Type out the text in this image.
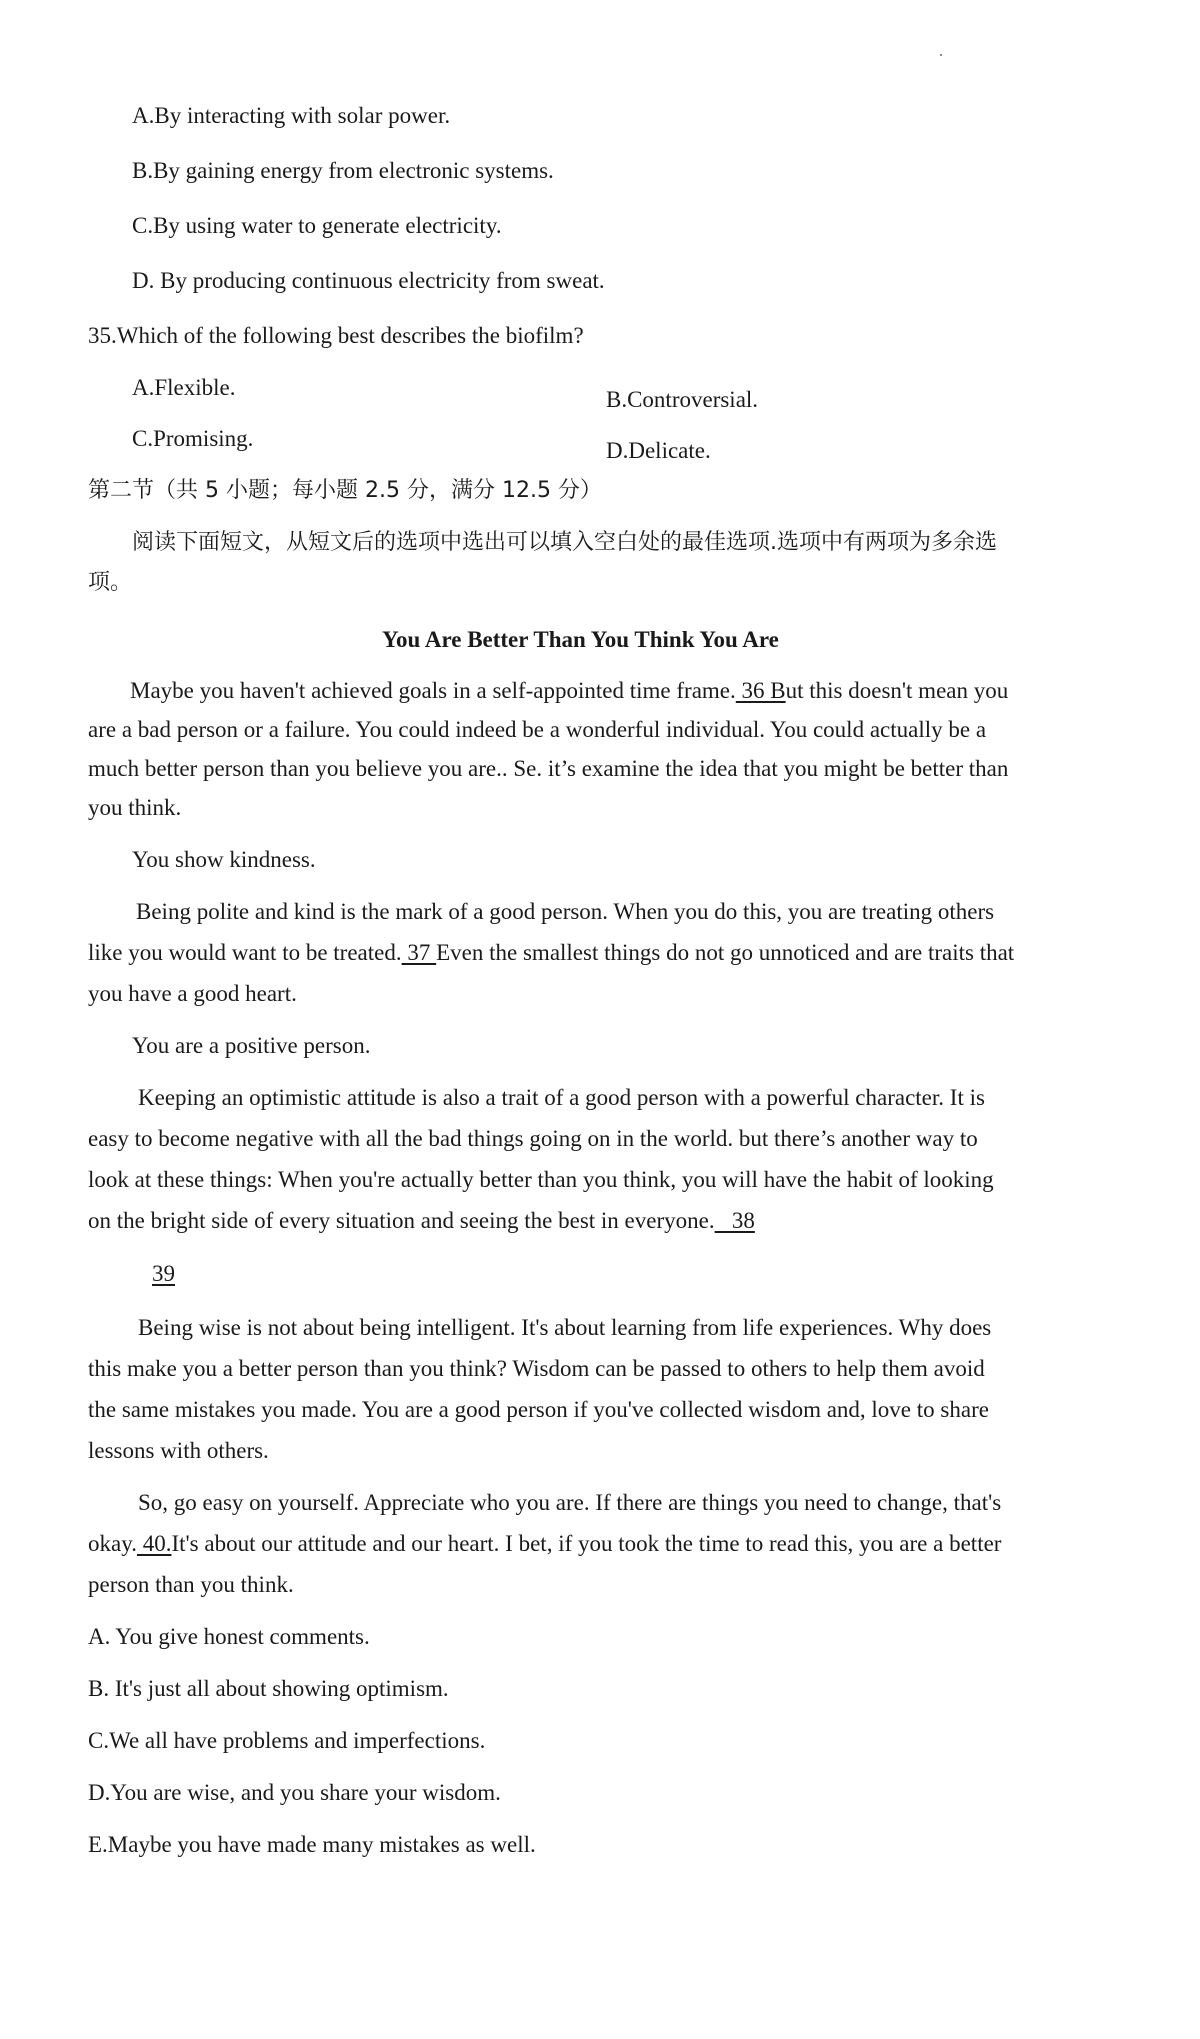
A.By interacting with solar power.
B.By gaining energy from electronic systems.
C.By using water to generate electricity.
D. By producing continuous electricity from sweat.
35.Which of the following best describes the biofilm?
A.Flexible.	B.Controversial.
C.Promising.	D.Delicate.
第二节（共 5 小题；每小题 2.5 分，满分 12.5 分）
阅读下面短文，从短文后的选项中选出可以填入空白处的最佳选项.选项中有两项为多余选
项。
You Are Better Than You Think You Are
Maybe you haven't achieved goals in a self-appointed time frame. 36 But this doesn't mean you
are a bad person or a failure. You could indeed be a wonderful individual. You could actually be a
much better person than you believe you are.. Se. it’s examine the idea that you might be better than
you think.
You show kindness.
Being polite and kind is the mark of a good person. When you do this, you are treating others
like you would want to be treated. 37 Even the smallest things do not go unnoticed and are traits that
you have a good heart.
You are a positive person.
Keeping an optimistic attitude is also a trait of a good person with a powerful character. It is
easy to become negative with all the bad things going on in the world. but there’s another way to
look at these things: When you're actually better than you think, you will have the habit of looking
on the bright side of every situation and seeing the best in everyone.   38
39
Being wise is not about being intelligent. It's about learning from life experiences. Why does
this make you a better person than you think? Wisdom can be passed to others to help them avoid
the same mistakes you made. You are a good person if you've collected wisdom and, love to share
lessons with others.
So, go easy on yourself. Appreciate who you are. If there are things you need to change, that's
okay. 40.It's about our attitude and our heart. I bet, if you took the time to read this, you are a better
person than you think.
A. You give honest comments.
B. It's just all about showing optimism.
C.We all have problems and imperfections.
D.You are wise, and you share your wisdom.
E.Maybe you have made many mistakes as well.
